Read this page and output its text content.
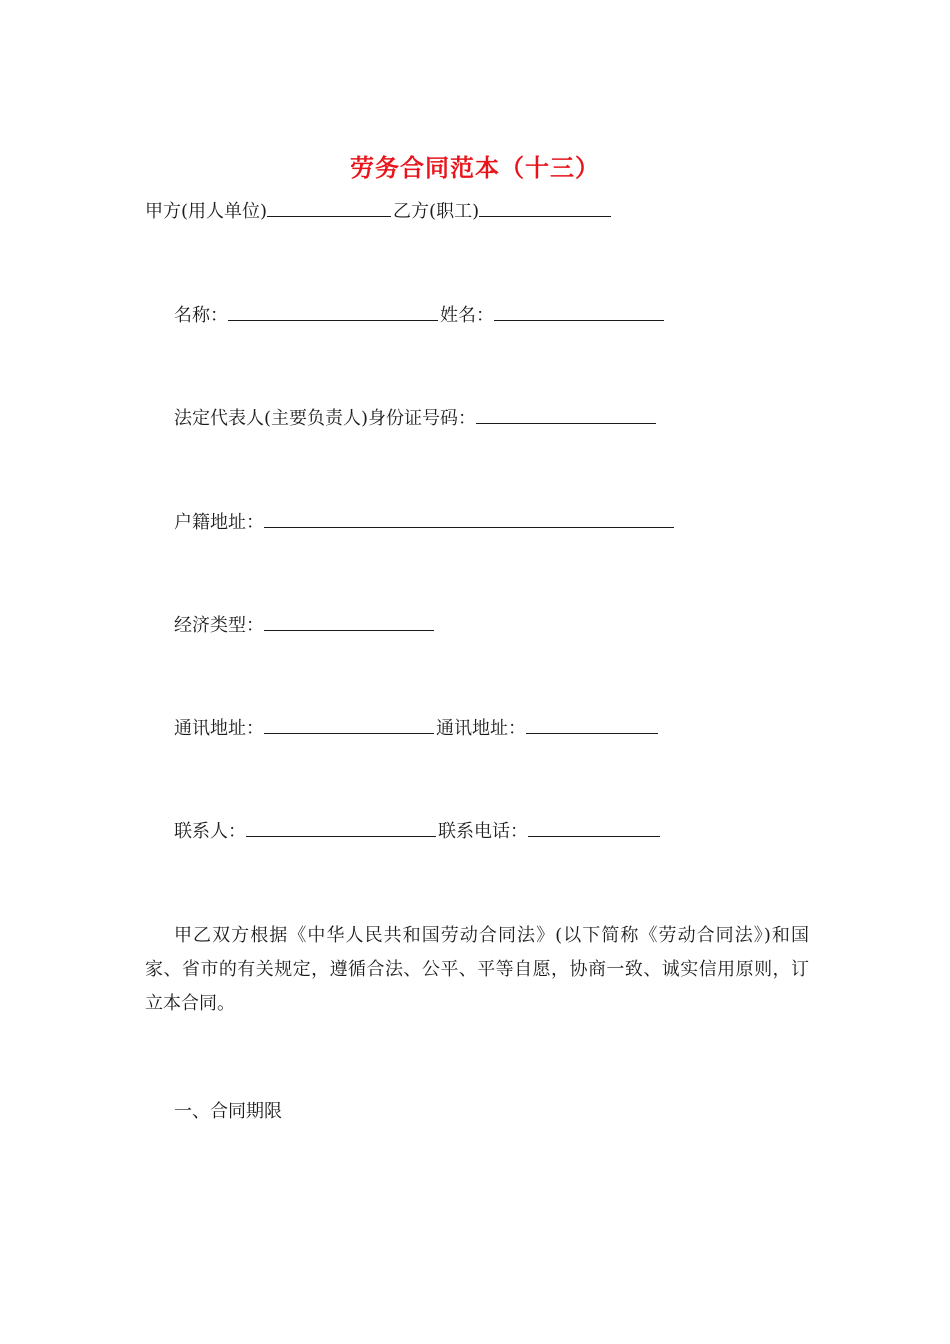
劳务合同范本（十三）
甲方(用人单位)	乙方(职工)
名称：	姓名：
法定代表人(主要负责人)身份证号码：
户籍地址：
经济类型：
通讯地址：	通讯地址：
联系人：	联系电话：
甲乙双方根据《中华人民共和国劳动合同法》(以下简称《劳动合同法》)和国家、省市的有关规定，遵循合法、公平、平等自愿，协商一致、诚实信用原则，订立本合同。
一、合同期限
